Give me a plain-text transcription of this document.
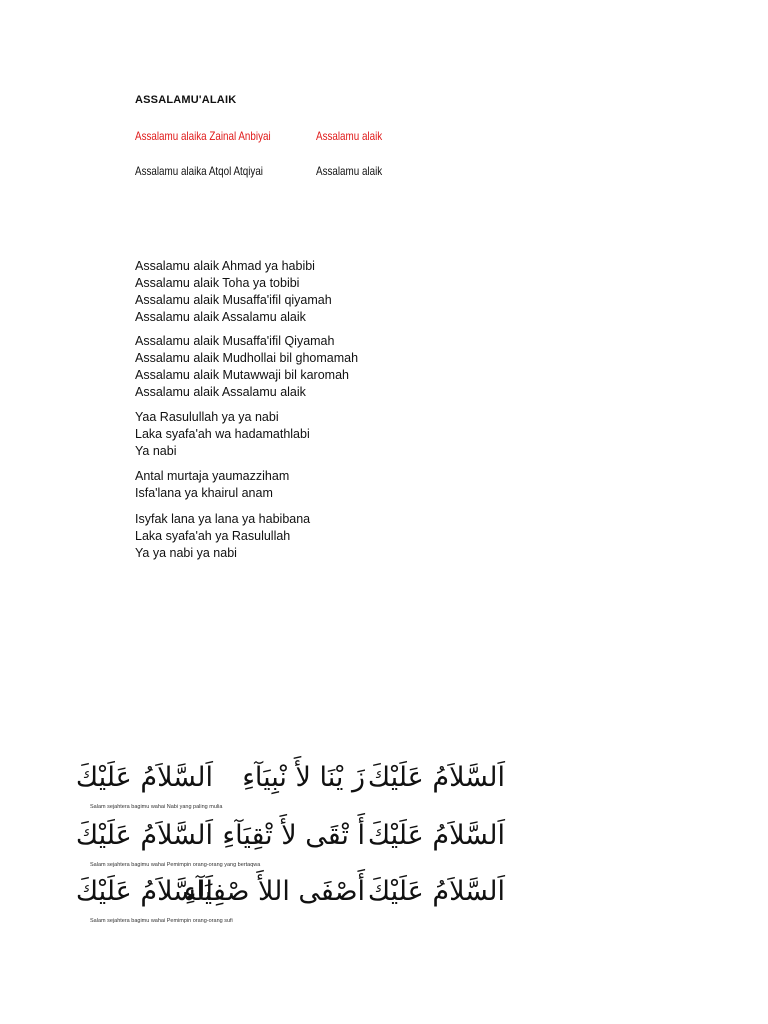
ASSALAMU'ALAIK
Assalamu alaika Zainal Anbiyai	Assalamu alaik
Assalamu alaika Atqol Atqiyai	Assalamu alaik
Assalamu alaik Ahmad ya habibi
Assalamu alaik Toha ya tobibi
Assalamu alaik Musaffa'ifil qiyamah
Assalamu alaik Assalamu alaik
Assalamu alaik Musaffa'ifil Qiyamah
Assalamu alaik Mudhollai bil ghomamah
Assalamu alaik Mutawwaji bil karomah
Assalamu alaik Assalamu alaik
Yaa Rasulullah ya ya nabi
Laka syafa'ah wa hadamathlabi
Ya nabi
Antal murtaja yaumazziham
Isfa'lana ya khairul anam
Isyfak lana ya lana ya habibana
Laka syafa'ah ya Rasulullah
Ya ya nabi ya nabi
اَلسَّلاَمُ عَلَيْكَ
زَ يْنَا لأَ نْبِيَآءِ
اَلسَّلاَمُ عَلَيْكَ
Salam sejahtera bagimu wahai Nabi yang paling mulia
اَلسَّلاَمُ عَلَيْكَ
أَ تْقَى لأَ تْقِيَآءِ
اَلسَّلاَمُ عَلَيْكَ
Salam sejahtera bagimu wahai Pemimpin orang-orang yang bertaqwa
اَلسَّلاَمُ عَلَيْكَ
أَصْفَى اللأَ صْفِيَآءِ
اَلسَّلاَمُ عَلَيْكَ
Salam sejahtera bagimu wahai Pemimpin orang-orang sufi
